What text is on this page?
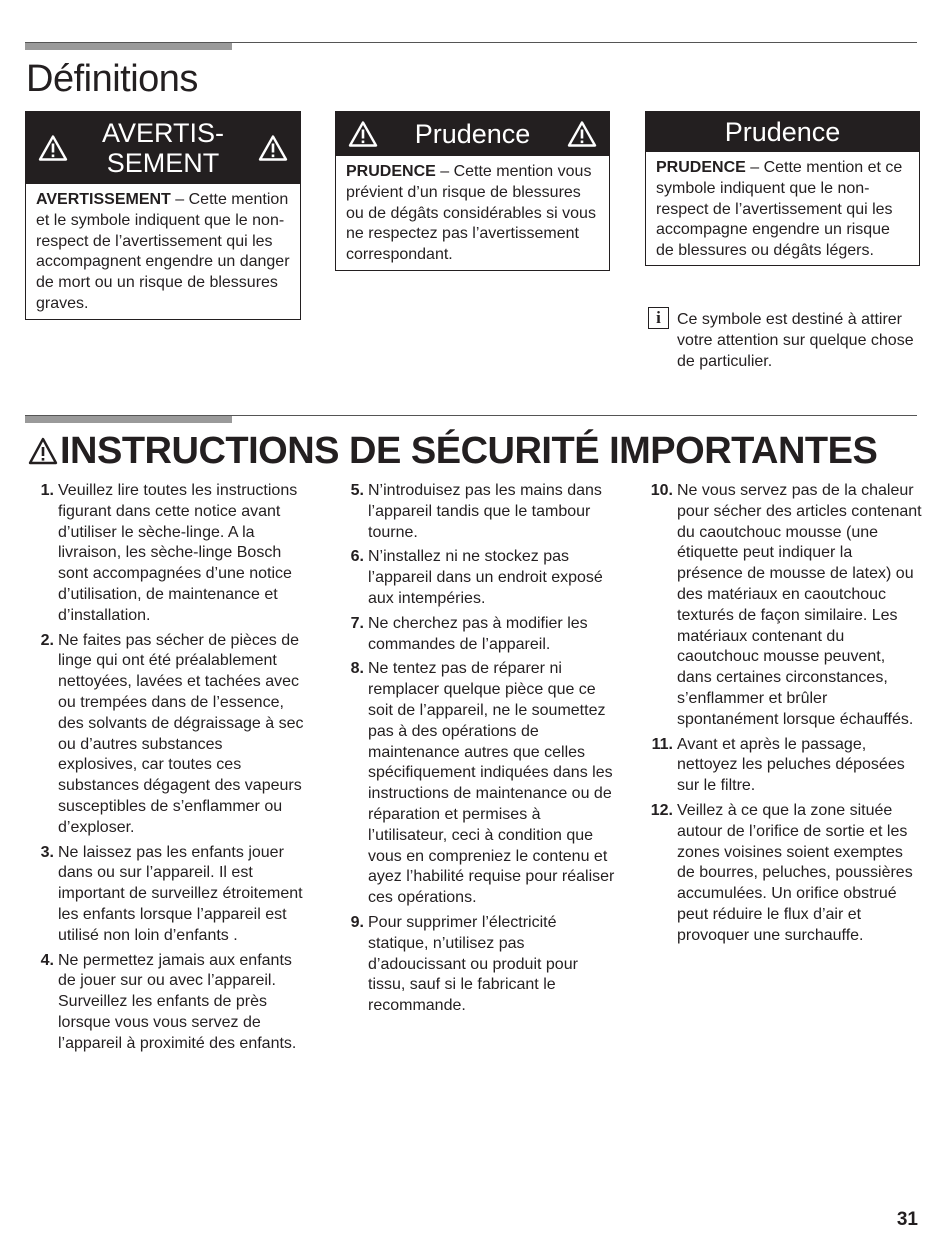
Définitions
AVERTIS-
SEMENT
AVERTISSEMENT – Cette mention et le symbole indiquent que le non-respect de l’avertissement qui les accompagnent engendre un danger de mort ou un risque de blessures graves.
Prudence
PRUDENCE – Cette mention vous prévient d’un risque de blessures ou de dégâts considérables si vous ne respectez pas l’avertissement correspondant.
Prudence
PRUDENCE – Cette mention et ce symbole indiquent que le non-respect de l’avertissement qui les accompagne engendre un risque de blessures ou dégâts légers.
i	Ce symbole est destiné à attirer votre attention sur quelque chose de particulier.
INSTRUCTIONS DE SÉCURITÉ IMPORTANTES
1. Veuillez lire toutes les instructions figurant dans cette notice avant d’utiliser le sèche-linge. A la livraison, les sèche-linge Bosch sont accompagnées d’une notice d’utilisation, de maintenance et d’installation.
2. Ne faites pas sécher de pièces de linge qui ont été préalablement nettoyées, lavées et tachées avec ou trempées dans de l’essence, des solvants de dégraissage à sec ou d’autres substances explosives, car toutes ces substances dégagent des vapeurs susceptibles de s’enflammer ou d’exploser.
3. Ne laissez pas les enfants jouer dans ou sur l’appareil. Il est important de surveillez étroitement les enfants lorsque l’appareil est utilisé non loin d’enfants .
4. Ne permettez jamais aux enfants de jouer sur ou avec l’appareil. Surveillez les enfants de près lorsque vous vous servez de l’appareil à proximité des enfants.
5. N’introduisez pas les mains dans l’appareil tandis que le tambour tourne.
6. N’installez ni ne stockez pas l’appareil dans un endroit exposé aux intempéries.
7. Ne cherchez pas à modifier les commandes de l’appareil.
8. Ne tentez pas de réparer ni remplacer quelque pièce que ce soit de l’appareil, ne le soumettez pas à des opérations de maintenance autres que celles spécifiquement indiquées dans les instructions de maintenance ou de réparation et permises à l’utilisateur, ceci à condition que vous en compreniez le contenu et ayez l’habilité requise pour réaliser ces opérations.
9. Pour supprimer l’électricité statique, n’utilisez pas d’adoucissant ou produit pour tissu, sauf si le fabricant le recommande.
10. Ne vous servez pas de la chaleur pour sécher des articles contenant du caoutchouc mousse (une étiquette peut indiquer la présence de mousse de latex) ou des matériaux en caoutchouc texturés de façon similaire. Les matériaux contenant du caoutchouc mousse peuvent, dans certaines circonstances, s’enflammer et brûler spontanément lorsque échauffés.
11. Avant et après le passage, nettoyez les peluches déposées sur le filtre.
12. Veillez à ce que la zone située autour de l’orifice de sortie et les zones voisines soient exemptes de bourres, peluches, poussières accumulées. Un orifice obstrué peut réduire le flux d’air et provoquer une surchauffe.
31
